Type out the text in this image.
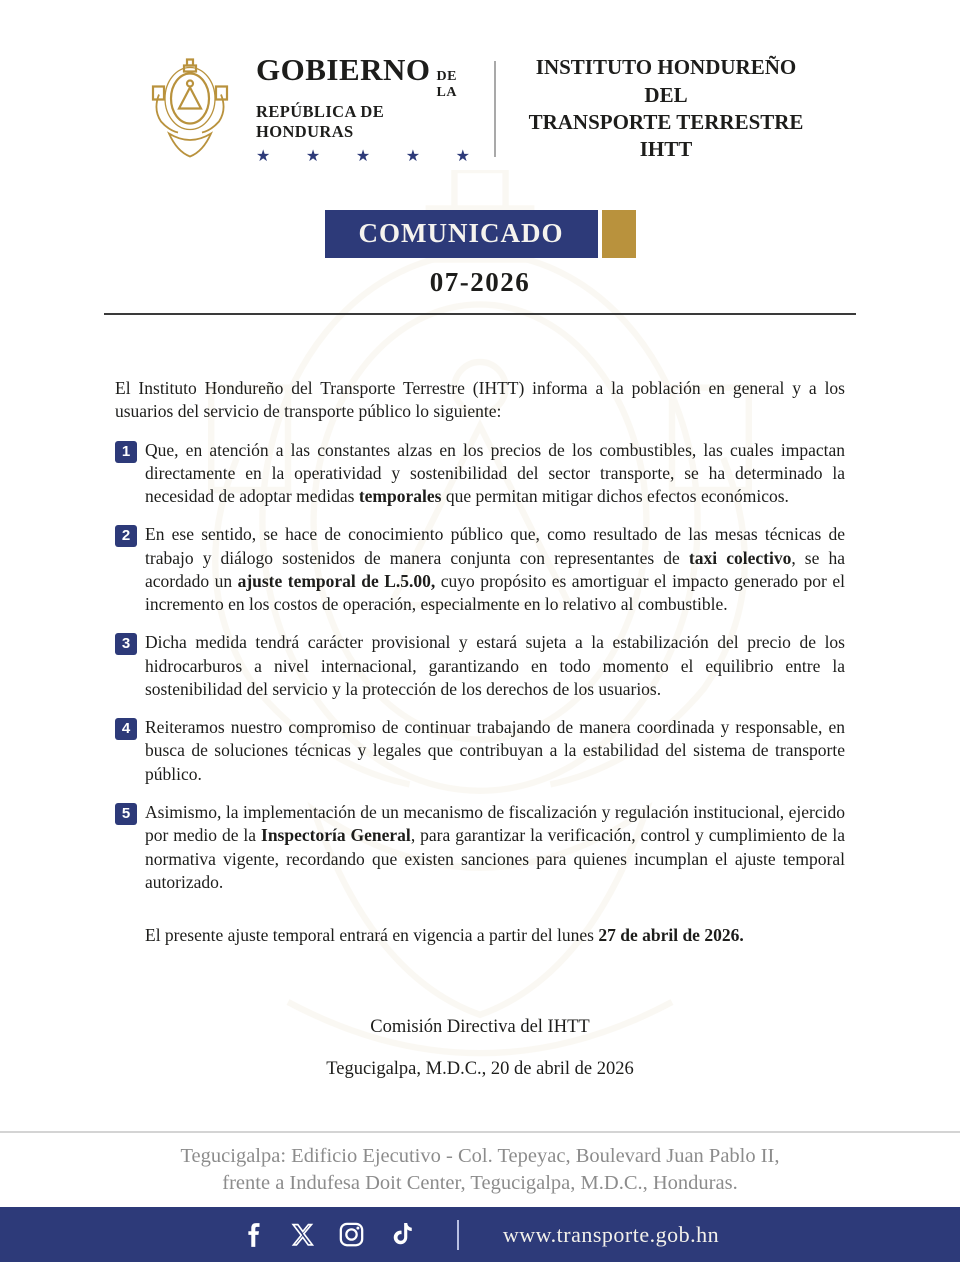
GOBIERNO DE LA
REPÚBLICA DE HONDURAS
★ ★ ★ ★ ★
INSTITUTO HONDUREÑO DEL
TRANSPORTE TERRESTRE
IHTT
COMUNICADO
07-2026

El Instituto Hondureño del Transporte Terrestre (IHTT) informa a la población en general y a los usuarios del servicio de transporte público lo siguiente:

1 Que, en atención a las constantes alzas en los precios de los combustibles, las cuales impactan directamente en la operatividad y sostenibilidad del sector transporte, se ha determinado la necesidad de adoptar medidas temporales que permitan mitigar dichos efectos económicos.
2 En ese sentido, se hace de conocimiento público que, como resultado de las mesas técnicas de trabajo y diálogo sostenidos de manera conjunta con representantes de taxi colectivo, se ha acordado un ajuste temporal de L.5.00, cuyo propósito es amortiguar el impacto generado por el incremento en los costos de operación, especialmente en lo relativo al combustible.
3 Dicha medida tendrá carácter provisional y estará sujeta a la estabilización del precio de los hidrocarburos a nivel internacional, garantizando en todo momento el equilibrio entre la sostenibilidad del servicio y la protección de los derechos de los usuarios.
4 Reiteramos nuestro compromiso de continuar trabajando de manera coordinada y responsable, en busca de soluciones técnicas y legales que contribuyan a la estabilidad del sistema de transporte público.
5 Asimismo, la implementación de un mecanismo de fiscalización y regulación institucional, ejercido por medio de la Inspectoría General, para garantizar la verificación, control y cumplimiento de la normativa vigente, recordando que existen sanciones para quienes incumplan el ajuste temporal autorizado.

El presente ajuste temporal entrará en vigencia a partir del lunes 27 de abril de 2026.

Comisión Directiva del IHTT

Tegucigalpa, M.D.C., 20 de abril de 2026

Tegucigalpa: Edificio Ejecutivo - Col. Tepeyac, Boulevard Juan Pablo II,
frente a Indufesa Doit Center, Tegucigalpa, M.D.C., Honduras.
www.transporte.gob.hn
